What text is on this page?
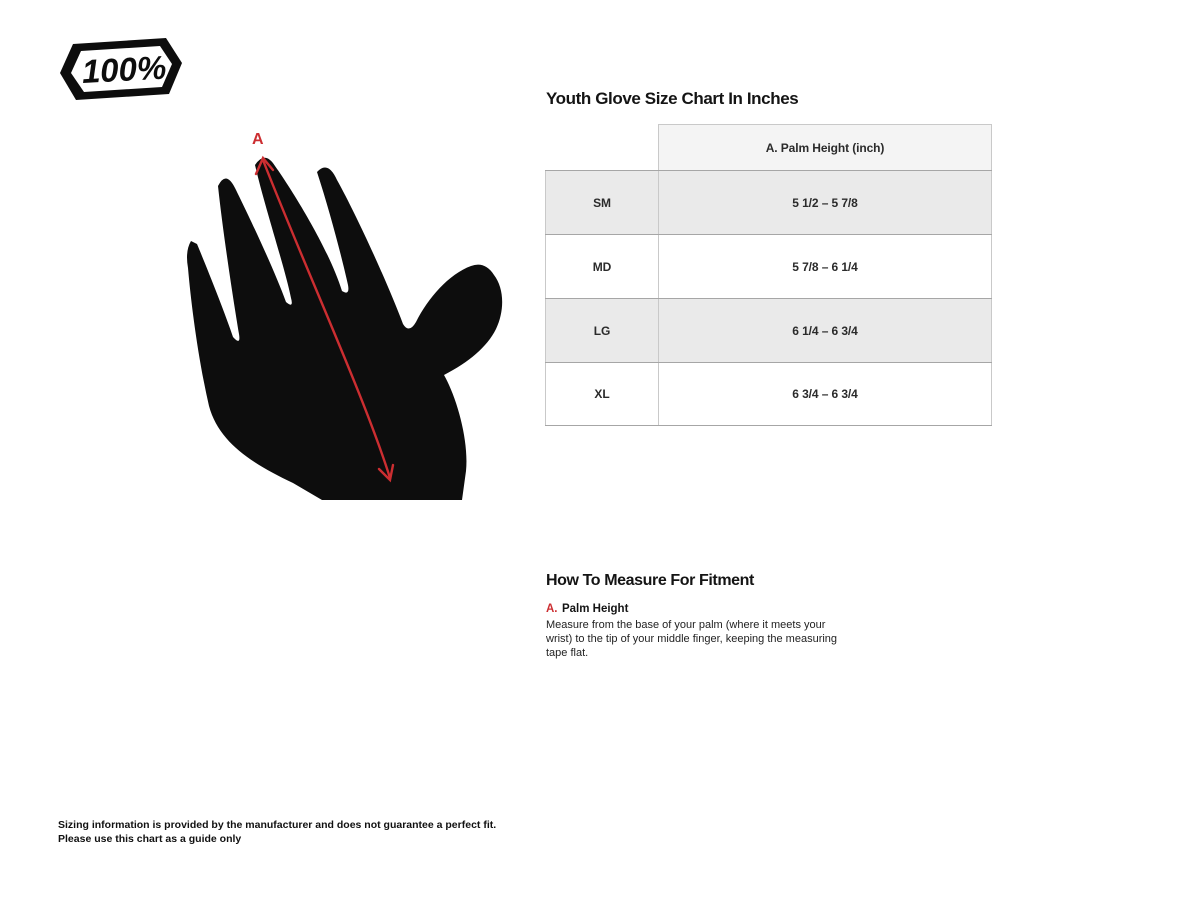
100%
A
Youth Glove Size Chart In Inches
A. Palm Height (inch)
SM	5 1/2 – 5 7/8
MD	5 7/8 – 6 1/4
LG	6 1/4 – 6 3/4
XL	6 3/4 – 6 3/4
How To Measure For Fitment
A. Palm Height
Measure from the base of your palm (where it meets your wrist) to the tip of your middle finger, keeping the measuring tape flat.
Sizing information is provided by the manufacturer and does not guarantee a perfect fit.
Please use this chart as a guide only
